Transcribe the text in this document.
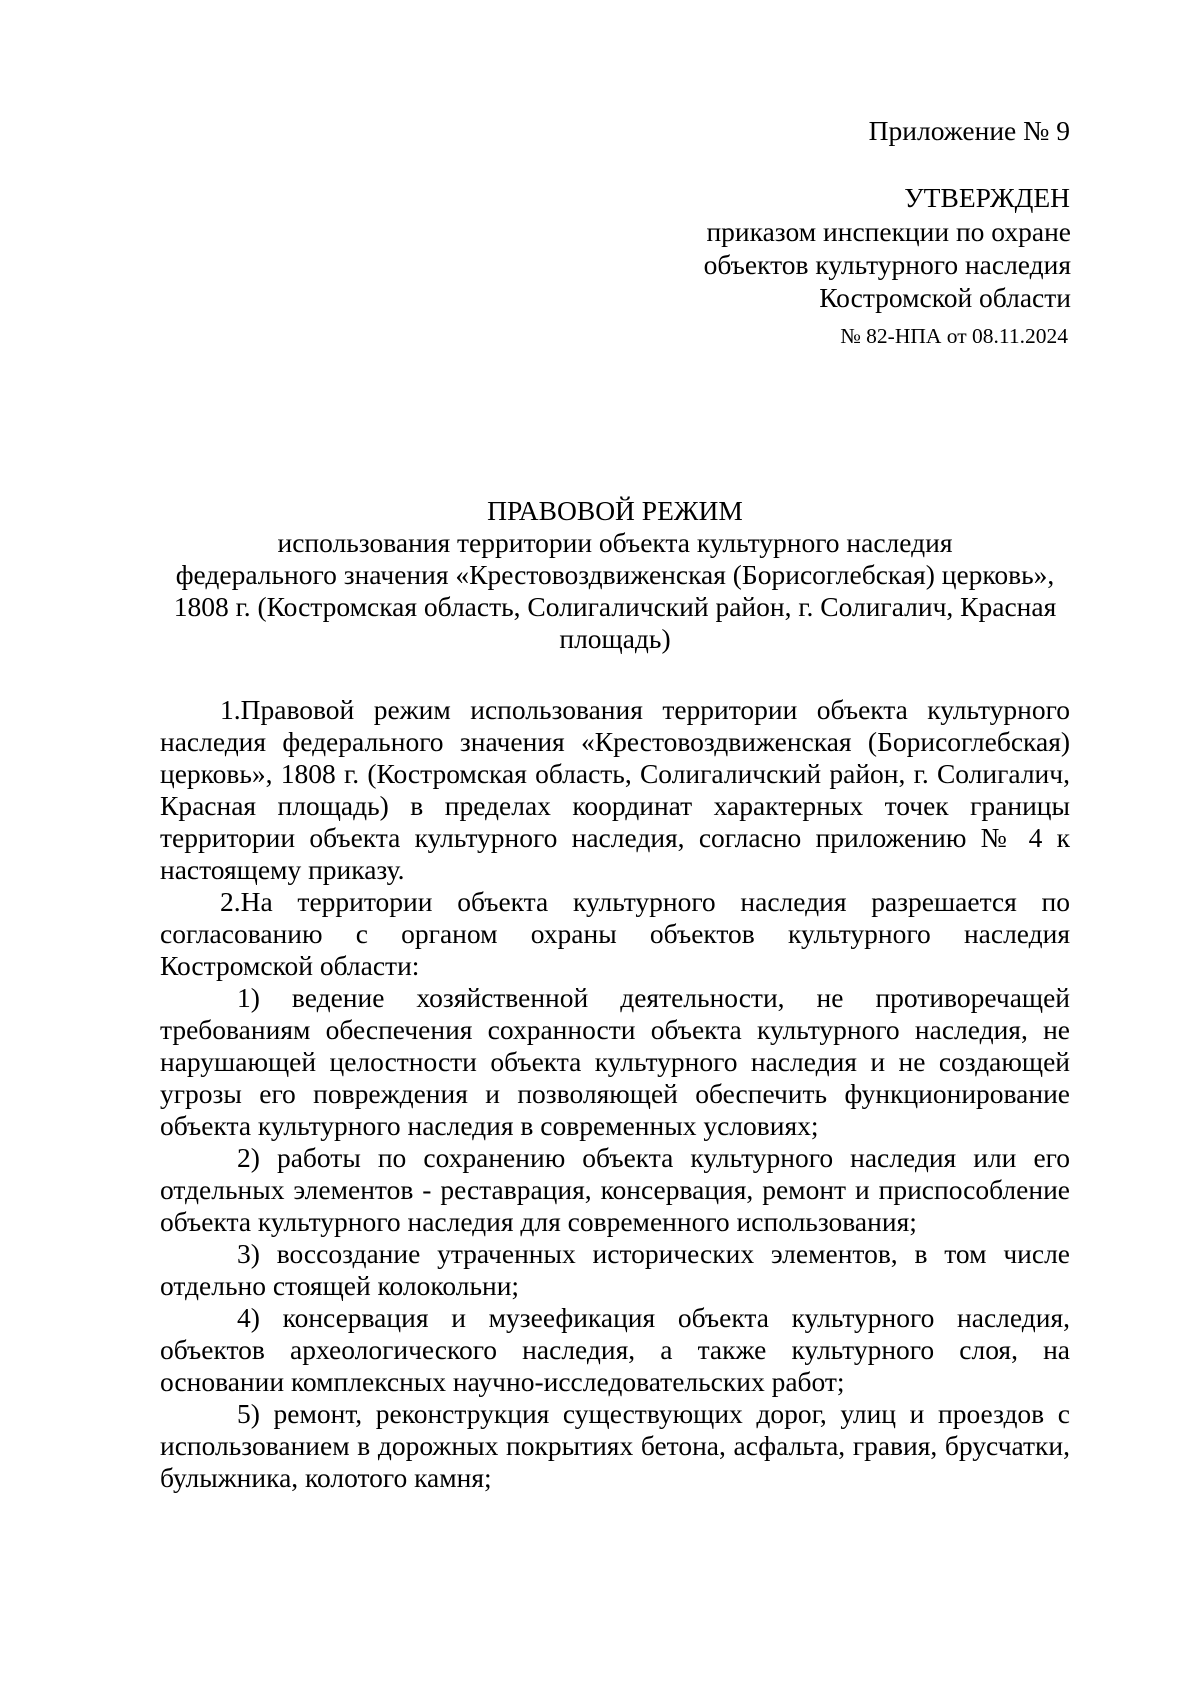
Приложение № 9
УТВЕРЖДЕН
приказом инспекции по охране
объектов культурного наследия
Костромской области
№ 82-НПА от 08.11.2024
ПРАВОВОЙ РЕЖИМ
использования территории объекта культурного наследия
федерального значения «Крестовоздвиженская (Борисоглебская) церковь»,
1808 г. (Костромская область, Солигаличский район, г. Солигалич, Красная
площадь)

1.Правовой режим использования территории объекта культурного наследия федерального значения «Крестовоздвиженская (Борисоглебская) церковь», 1808 г. (Костромская область, Солигаличский район, г. Солигалич, Красная площадь) в пределах координат характерных точек границы территории объекта культурного наследия, согласно приложению № 4 к настоящему приказу.

2.На территории объекта культурного наследия разрешается по согласованию с органом охраны объектов культурного наследия Костромской области:

1) ведение хозяйственной деятельности, не противоречащей требованиям обеспечения сохранности объекта культурного наследия, не нарушающей целостности объекта культурного наследия и не создающей угрозы его повреждения и позволяющей обеспечить функционирование объекта культурного наследия в современных условиях;

2) работы по сохранению объекта культурного наследия или его отдельных элементов - реставрация, консервация, ремонт и приспособление объекта культурного наследия для современного использования;

3) воссоздание утраченных исторических элементов, в том числе отдельно стоящей колокольни;

4) консервация и музеефикация объекта культурного наследия, объектов археологического наследия, а также культурного слоя, на основании комплексных научно-исследовательских работ;

5) ремонт, реконструкция существующих дорог, улиц и проездов с использованием в дорожных покрытиях бетона, асфальта, гравия, брусчатки, булыжника, колотого камня;
